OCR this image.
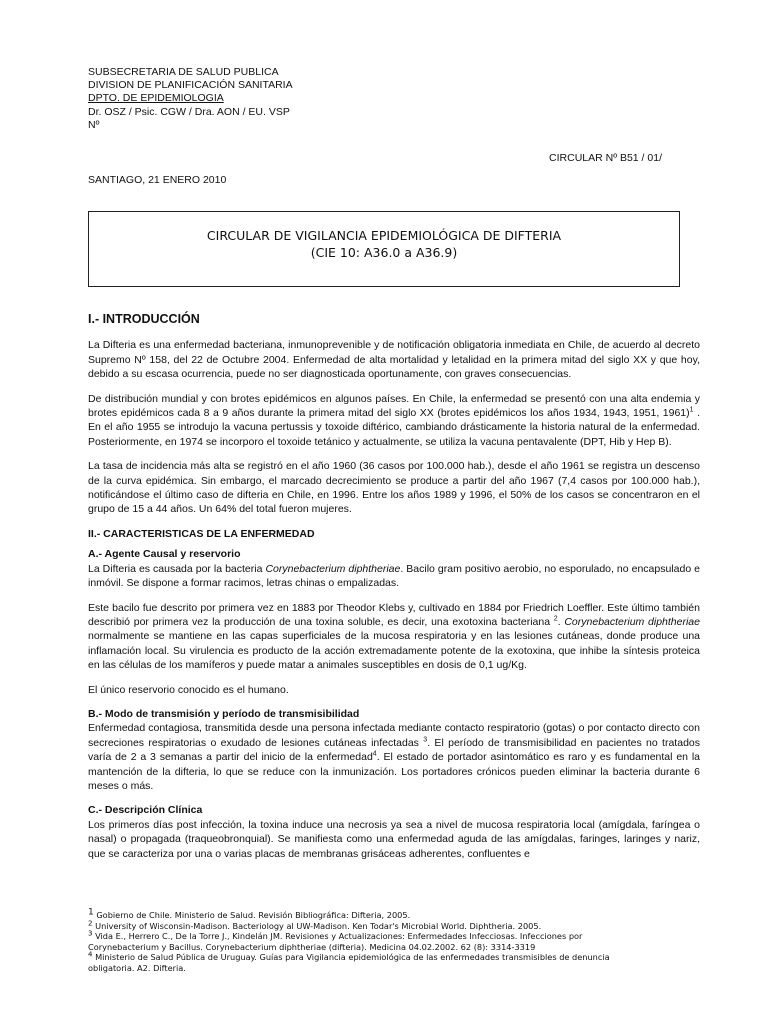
SUBSECRETARIA DE SALUD PUBLICA
DIVISION DE PLANIFICACIÓN SANITARIA
DPTO. DE EPIDEMIOLOGIA
Dr. OSZ / Psic. CGW / Dra. AON / EU. VSP
Nº
CIRCULAR Nº B51 / 01/
SANTIAGO, 21 ENERO 2010
CIRCULAR DE VIGILANCIA EPIDEMIOLÓGICA DE DIFTERIA
(CIE 10: A36.0 a A36.9)
I.- INTRODUCCIÓN

La Difteria es una enfermedad bacteriana, inmunoprevenible y de notificación obligatoria inmediata en Chile, de acuerdo al decreto Supremo Nº 158, del 22 de Octubre 2004. Enfermedad de alta mortalidad y letalidad en la primera mitad del siglo XX y que hoy, debido a su escasa ocurrencia, puede no ser diagnosticada oportunamente, con graves consecuencias.

De distribución mundial y con brotes epidémicos en algunos países. En Chile, la enfermedad se presentó con una alta endemia y brotes epidémicos cada 8 a 9 años durante la primera mitad del siglo XX (brotes epidémicos los años 1934, 1943, 1951, 1961)$^1$ . En el año 1955 se introdujo la vacuna pertussis y toxoide diftérico, cambiando drásticamente la historia natural de la enfermedad. Posteriormente, en 1974 se incorporo el toxoide tetánico y actualmente, se utiliza la vacuna pentavalente (DPT, Hib y Hep B).

La tasa de incidencia más alta se registró en el año 1960 (36 casos por 100.000 hab.), desde el año 1961 se registra un descenso de la curva epidémica. Sin embargo, el marcado decrecimiento se produce a partir del año 1967 (7,4 casos por 100.000 hab.), notificándose el último caso de difteria en Chile, en 1996. Entre los años 1989 y 1996, el 50% de los casos se concentraron en el grupo de 15 a 44 años. Un 64% del total fueron mujeres.

II.- CARACTERISTICAS DE LA ENFERMEDAD
A.- Agente Causal y reservorio

La Difteria es causada por la bacteria Corynebacterium diphtheriae. Bacilo gram positivo aerobio, no esporulado, no encapsulado e inmóvil. Se dispone a formar racimos, letras chinas o empalizadas.

Este bacilo fue descrito por primera vez en 1883 por Theodor Klebs y, cultivado en 1884 por Friedrich Loeffler. Este último también describió por primera vez la producción de una toxina soluble, es decir, una exotoxina bacteriana $^2$. Corynebacterium diphtheriae normalmente se mantiene en las capas superficiales de la mucosa respiratoria y en las lesiones cutáneas, donde produce una inflamación local. Su virulencia es producto de la acción extremadamente potente de la exotoxina, que inhibe la síntesis proteica en las células de los mamíferos y puede matar a animales susceptibles en dosis de 0,1 ug/Kg.

El único reservorio conocido es el humano.

B.- Modo de transmisión y período de transmisibilidad

Enfermedad contagiosa, transmitida desde una persona infectada mediante contacto respiratorio (gotas) o por contacto directo con secreciones respiratorias o exudado de lesiones cutáneas infectadas $^3$. El período de transmisibilidad en pacientes no tratados varía de 2 a 3 semanas a partir del inicio de la enfermedad$^4$. El estado de portador asintomático es raro y es fundamental en la mantención de la difteria, lo que se reduce con la inmunización. Los portadores crónicos pueden eliminar la bacteria durante 6 meses o más.

C.- Descripción Clínica

Los primeros días post infección, la toxina induce una necrosis ya sea a nivel de mucosa respiratoria local (amígdala, faríngea o nasal) o propagada (traqueobronquial). Se manifiesta como una enfermedad aguda de las amígdalas, faringes, laringes y nariz, que se caracteriza por una o varias placas de membranas grisáceas adherentes, confluentes e

$^1$ Gobierno de Chile. Ministerio de Salud. Revisión Bibliográfica: Difteria, 2005.
$^2$ University of Wisconsin-Madison. Bacteriology al UW-Madison. Ken Todar's Microbial World. Diphtheria. 2005.
$^3$ Vida E., Herrero C., De la Torre J., Kindelán JM. Revisiones y Actualizaciones: Enfermedades Infecciosas. Infecciones por
Corynebacterium y Bacillus. Corynebacterium diphtheriae (difteria). Medicina 04.02.2002. 62 (8): 3314-3319
$^4$ Ministerio de Salud Pública de Uruguay. Guías para Vigilancia epidemiológica de las enfermedades transmisibles de denuncia
obligatoria. A2. Difteria.
